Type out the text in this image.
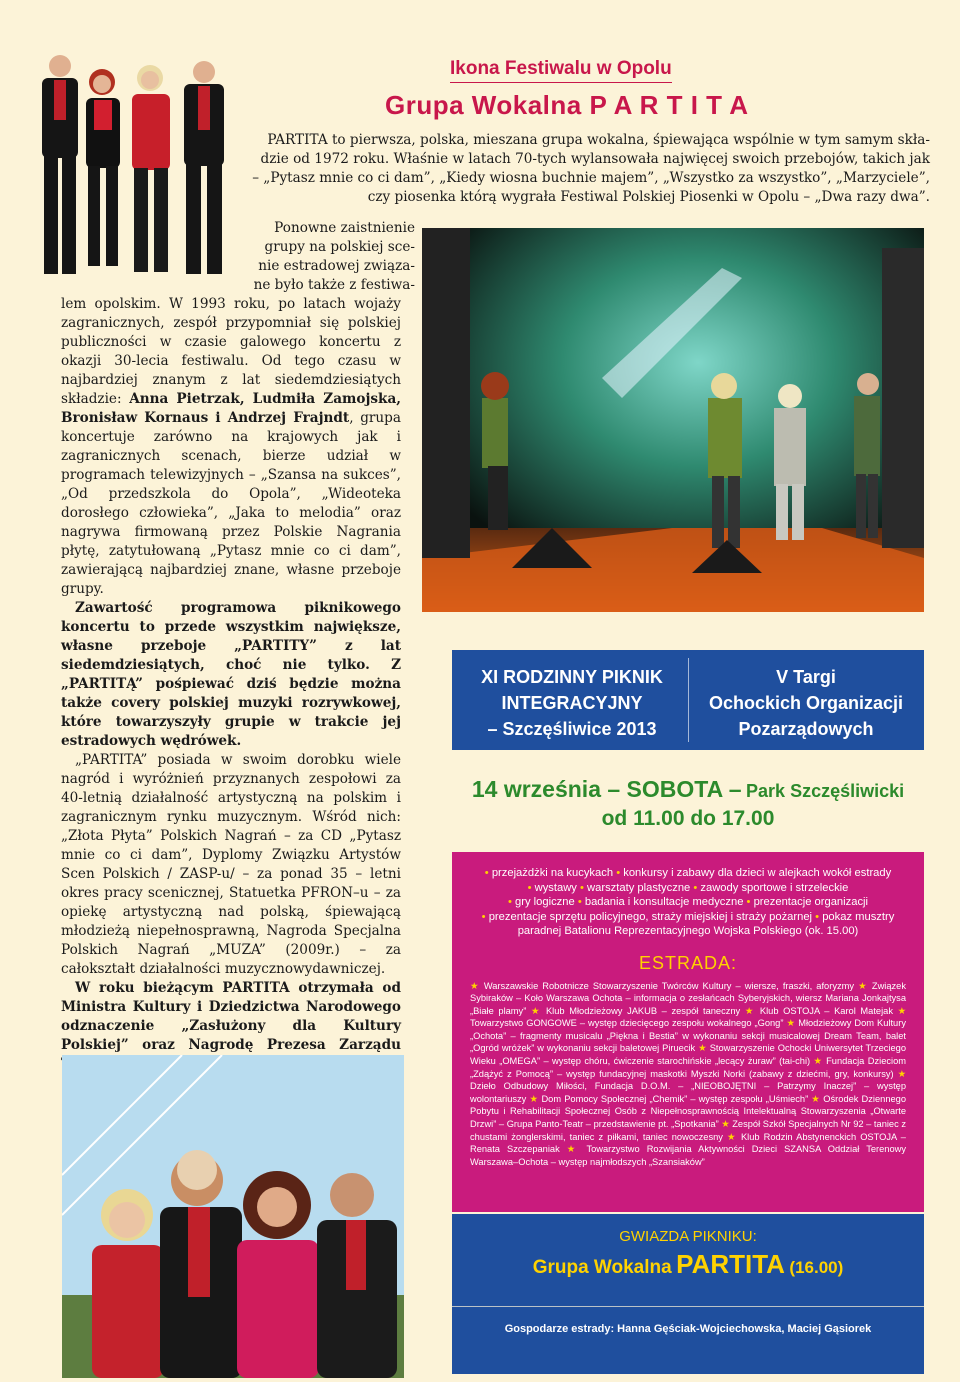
Ikona Festiwalu w Opolu
Grupa Wokalna P A R T I T A

PARTITA to pierwsza, polska, mieszana grupa wokalna, śpiewająca wspólnie w tym samym skła-

dzie od 1972 roku. Właśnie w latach 70-tych wylansowała najwięcej swoich przebojów, takich jak

– „Pytasz mnie co ci dam”, „Kiedy wiosna buchnie majem”, „Wszystko za wszystko”, „Marzyciele”,

czy piosenka którą wygrała Festiwal Polskiej Piosenki w Opolu – „Dwa razy dwa”.

Ponowne zaistnienie

grupy na polskiej sce-

nie estradowej związa-

ne było także z festiwa-

lem opolskim. W 1993 roku, po latach wojaży zagranicznych, zespół przypomniał się polskiej publiczności w czasie galowego koncertu z okazji 30-lecia festiwalu. Od tego czasu w najbardziej znanym z lat siedemdziesiątych składzie: Anna Pietrzak, Ludmiła Zamojska, Bronisław Kornaus i Andrzej Frajndt, grupa koncertuje zarówno na krajowych jak i zagranicznych scenach, bierze udział w programach telewizyjnych – „Szansa na sukces”, „Od przedszkola do Opola”, „Wideoteka dorosłego człowieka”, „Jaka to melodia” oraz nagrywa firmowaną przez Polskie Nagrania płytę, zatytułowaną „Pytasz mnie co ci dam”, zawierającą najbardziej znane, własne przeboje grupy.

Zawartość programowa piknikowego koncertu to przede wszystkim największe, własne przeboje „PARTITY” z lat siedemdziesiątych, choć nie tylko. Z „PARTITĄ” pośpiewać dziś będzie można także covery polskiej muzyki rozrywkowej, które towarzyszyły grupie w trakcie jej estradowych wędrówek.

„PARTITA” posiada w swoim dorobku wiele nagród i wyróżnień przyznanych zespołowi za 40-letnią działalność artystyczną na polskim i zagranicznym rynku muzycznym. Wśród nich: „Złota Płyta” Polskich Nagrań – za CD „Pytasz mnie co ci dam”, Dyplomy Związku Artystów Scen Polskich / ZASP-u/ – za ponad 35 – letni okres pracy scenicznej, Statuetka PFRON–u – za opiekę artystyczną nad polską, śpiewającą młodzieżą niepełnosprawną, Nagroda Specjalna Polskich Nagrań „MUZA” (2009r.) – za całokształt działalności muzycznowydawniczej.

W roku bieżącym PARTITA otrzymała od Ministra Kultury i Dziedzictwa Narodowego odznaczenie „Zasłużony dla Kultury Polskiej” oraz Nagrodę Prezesa Zarządu

XI RODZINNY PIKNIK
INTEGRACYJNY
– Szczęśliwice 2013
V Targi
Ochockich Organizacji
Pozarządowych
14 września – SOBOTA – Park Szczęśliwicki
od 11.00 do 17.00
• przejażdżki na kucykach • konkursy i zabawy dla dzieci w alejkach wokół estrady
• wystawy • warsztaty plastyczne • zawody sportowe i strzeleckie
• gry logiczne • badania i konsultacje medyczne • prezentacje organizacji
• prezentacje sprzętu policyjnego, straży miejskiej i straży pożarnej • pokaz musztry paradnej Batalionu Reprezentacyjnego Wojska Polskiego (ok. 15.00)
ESTRADA:
★ Warszawskie Robotnicze Stowarzyszenie Twórców Kultury – wiersze, fraszki, aforyzmy ★ Związek Sybiraków – Koło Warszawa Ochota – informacja o zesłańcach Syberyjskich, wiersz Mariana Jonkajtysa „Białe plamy” ★ Klub Młodzieżowy JAKUB – zespół taneczny ★ Klub OSTOJA – Karol Matejak ★ Towarzystwo GONGOWE – występ dziecięcego zespołu wokalnego „Gong” ★ Młodzieżowy Dom Kultury „Ochota” – fragmenty musicalu „Piękna i Bestia” w wykonaniu sekcji musicalowej Dream Team, balet „Ogród wróżek” w wykonaniu sekcji baletowej Piruecik ★ Stowarzyszenie Ochocki Uniwersytet Trzeciego Wieku „OMEGA” – występ chóru, ćwiczenie starochińskie „lecący żuraw” (tai-chi) ★ Fundacja Dzieciom „Zdążyć z Pomocą” – występ fundacyjnej maskotki Myszki Norki (zabawy z dziećmi, gry, konkursy) ★ Dzieło Odbudowy Miłości, Fundacja D.O.M. – „NIEOBOJĘTNI – Patrzymy Inaczej” – występ wolontariuszy ★ Dom Pomocy Społecznej „Chemik” – występ zespołu „Uśmiech” ★ Ośrodek Dziennego Pobytu i Rehabilitacji Społecznej Osób z Niepełnosprawnością Intelektualną Stowarzyszenia „Otwarte Drzwi” – Grupa Panto-Teatr – przedstawienie pt. „Spotkania” ★ Zespół Szkół Specjalnych Nr 92 – taniec z chustami żonglerskimi, taniec z piłkami, taniec nowoczesny ★ Klub Rodzin Abstynenckich OSTOJA – Renata Szczepaniak ★ Towarzystwo Rozwijania Aktywności Dzieci SZANSA Oddział Terenowy Warszawa–Ochota – występ najmłodszych „Szansiaków”
GWIAZDA PIKNIKU:
Grupa Wokalna PARTITA (16.00)
Gospodarze estrady: Hanna Gęściak-Wojciechowska, Maciej Gąsiorek
